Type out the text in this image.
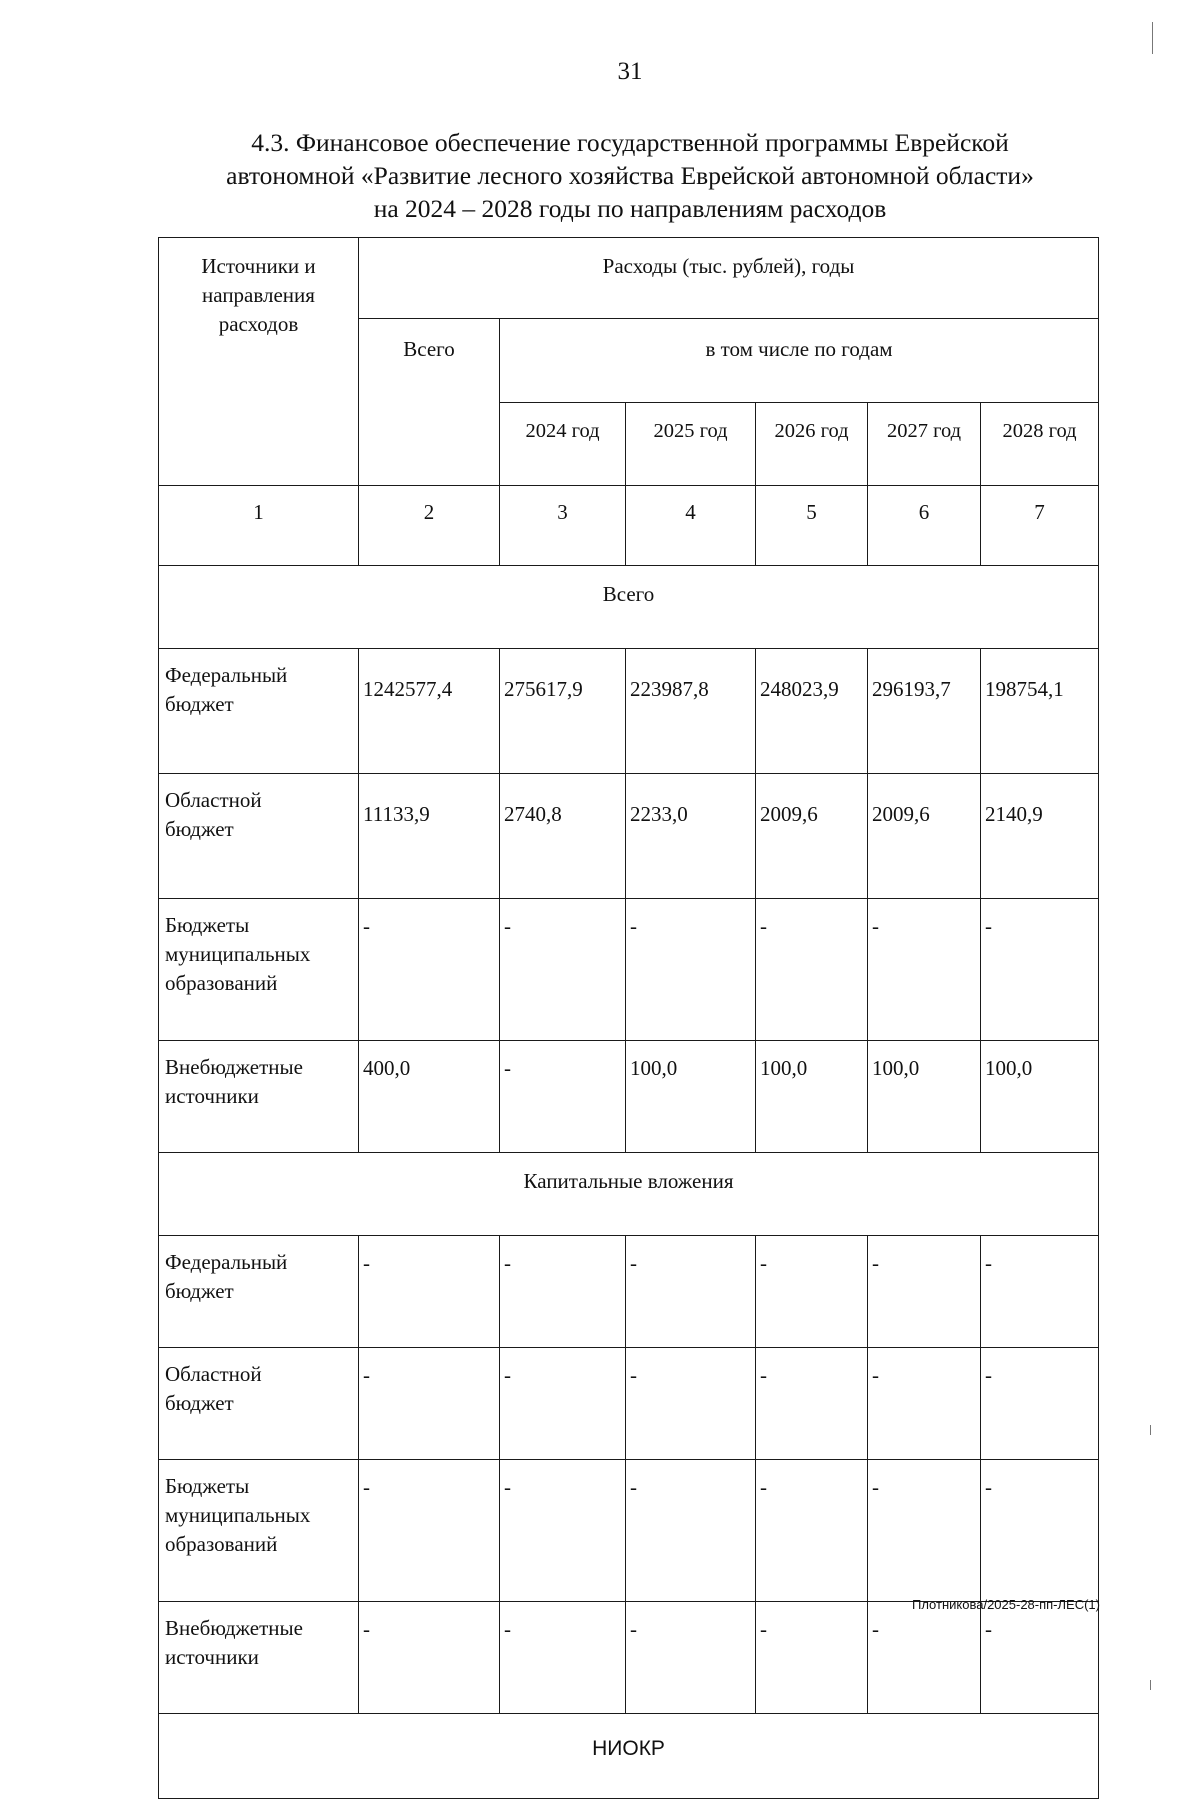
31
4.3. Финансовое обеспечение государственной программы Еврейской
автономной «Развитие лесного хозяйства Еврейской автономной области»
на 2024 – 2028 годы по направлениям расходов
Источники и
направления
расходов	Расходы (тыс. рублей), годы					
	Всего	в том числе по годам				
		2024 год	2025 год	2026 год	2027 год	2028 год
1	2	3	4	5	6	7
Всего						

Федеральный
бюджет	1242577,4	275617,9	223987,8	248023,9	296193,7	198754,1

Областной
бюджет	11133,9	2740,8	2233,0	2009,6	2009,6	2140,9

Бюджеты
муниципальных
образований	-	-	-	-	-	-

Внебюджетные
источники	400,0	-	100,0	100,0	100,0	100,0
Капитальные вложения						

Федеральный
бюджет	-	-	-	-	-	-

Областной
бюджет	-	-	-	-	-	-

Бюджеты
муниципальных
образований	-	-	-	-	-	-

Внебюджетные
источники	-	-	-	-	-	-
НИОКР						
Плотникова/2025-28-пп-ЛЕС(1)
